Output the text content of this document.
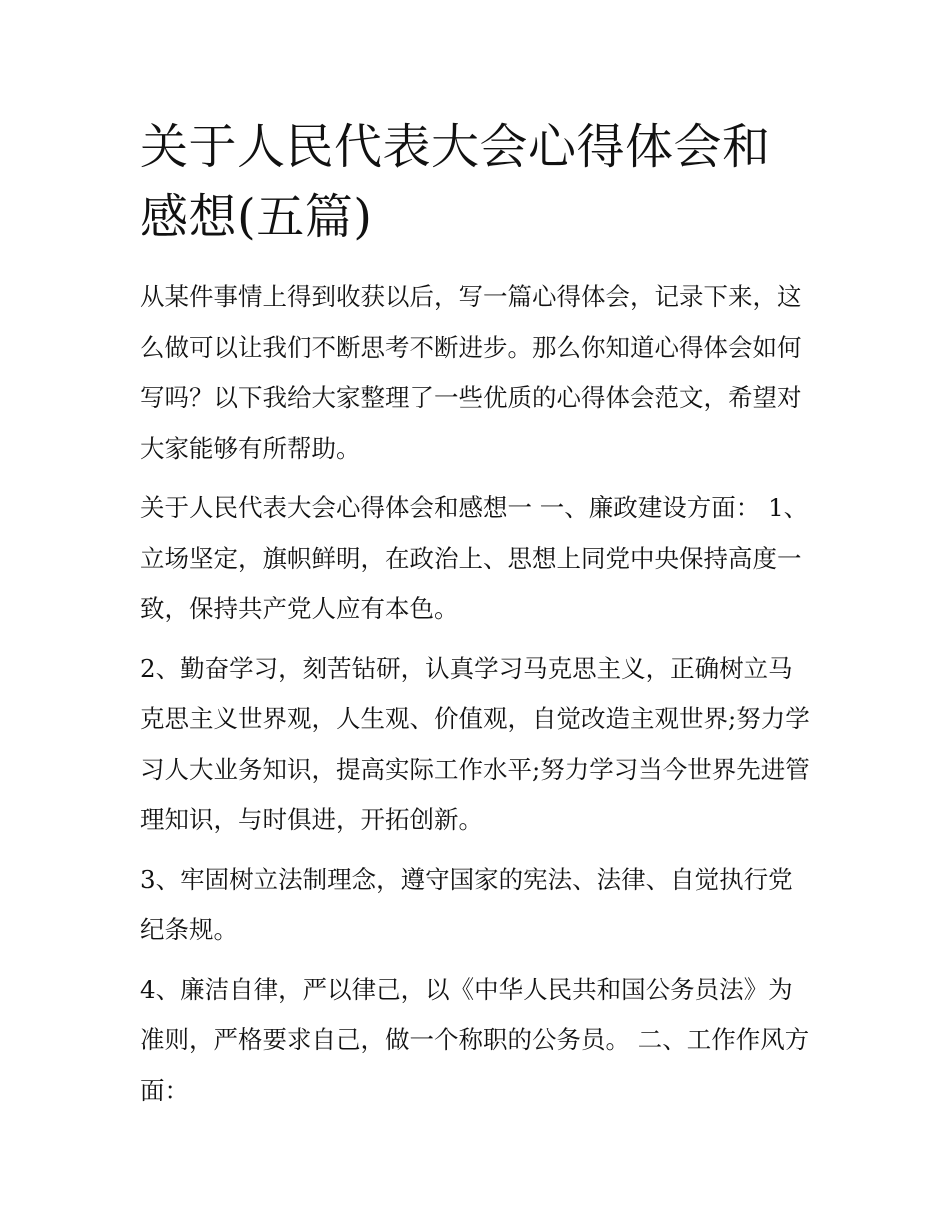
关于人民代表大会心得体会和感想(五篇)

从某件事情上得到收获以后，写一篇心得体会，记录下来，这么做可以让我们不断思考不断进步。那么你知道心得体会如何写吗？以下我给大家整理了一些优质的心得体会范文，希望对大家能够有所帮助。

关于人民代表大会心得体会和感想一 一、廉政建设方面： 1、立场坚定，旗帜鲜明，在政治上、思想上同党中央保持高度一致，保持共产党人应有本色。

2、勤奋学习，刻苦钻研，认真学习马克思主义，正确树立马克思主义世界观，人生观、价值观，自觉改造主观世界;努力学习人大业务知识，提高实际工作水平;努力学习当今世界先进管理知识，与时俱进，开拓创新。

3、牢固树立法制理念，遵守国家的宪法、法律、自觉执行党纪条规。

4、廉洁自律，严以律己，以《中华人民共和国公务员法》为准则，严格要求自己，做一个称职的公务员。 二、工作作风方面：
